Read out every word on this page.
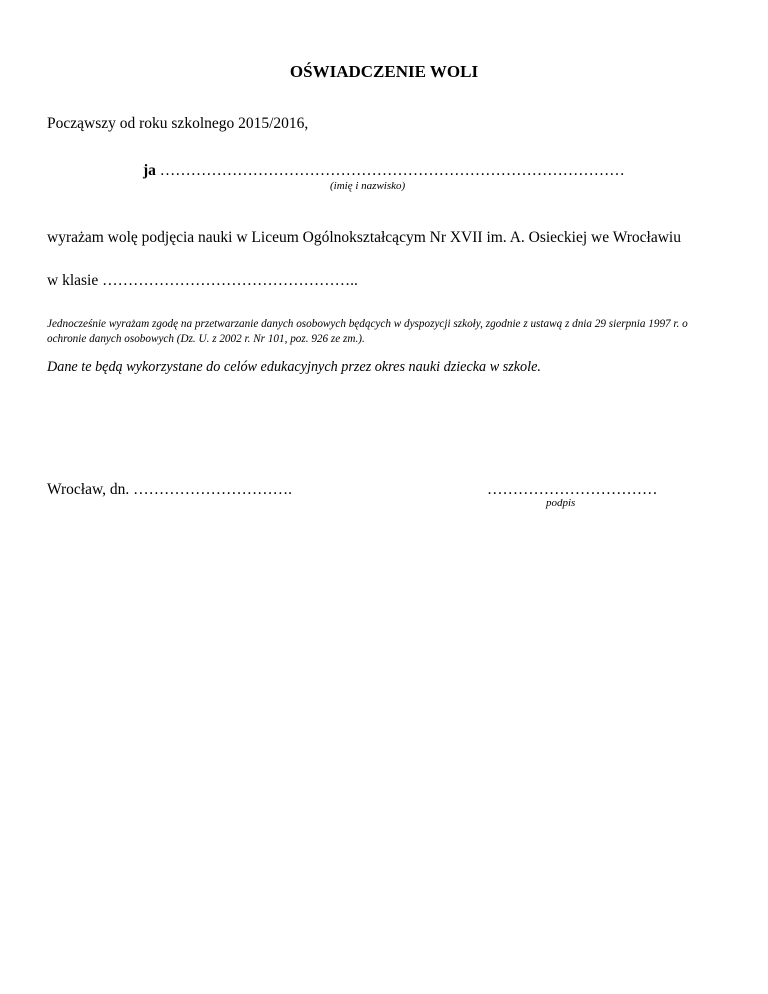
OŚWIADCZENIE WOLI
Począwszy od roku szkolnego 2015/2016,
ja ………………………………………………………………………………
(imię i nazwisko)
wyrażam wolę podjęcia nauki w Liceum Ogólnokształcącym Nr XVII im. A. Osieckiej we Wrocławiu
w klasie …………………………………………..
Jednocześnie wyrażam zgodę na przetwarzanie danych osobowych będących w dyspozycji szkoły, zgodnie z ustawą z dnia 29 sierpnia 1997 r. o ochronie danych osobowych (Dz. U. z 2002 r. Nr 101, poz. 926 ze zm.).
Dane te będą wykorzystane do celów edukacyjnych przez okres nauki dziecka w szkole.
Wrocław, dn. ………………………….	……………………………
podpis
